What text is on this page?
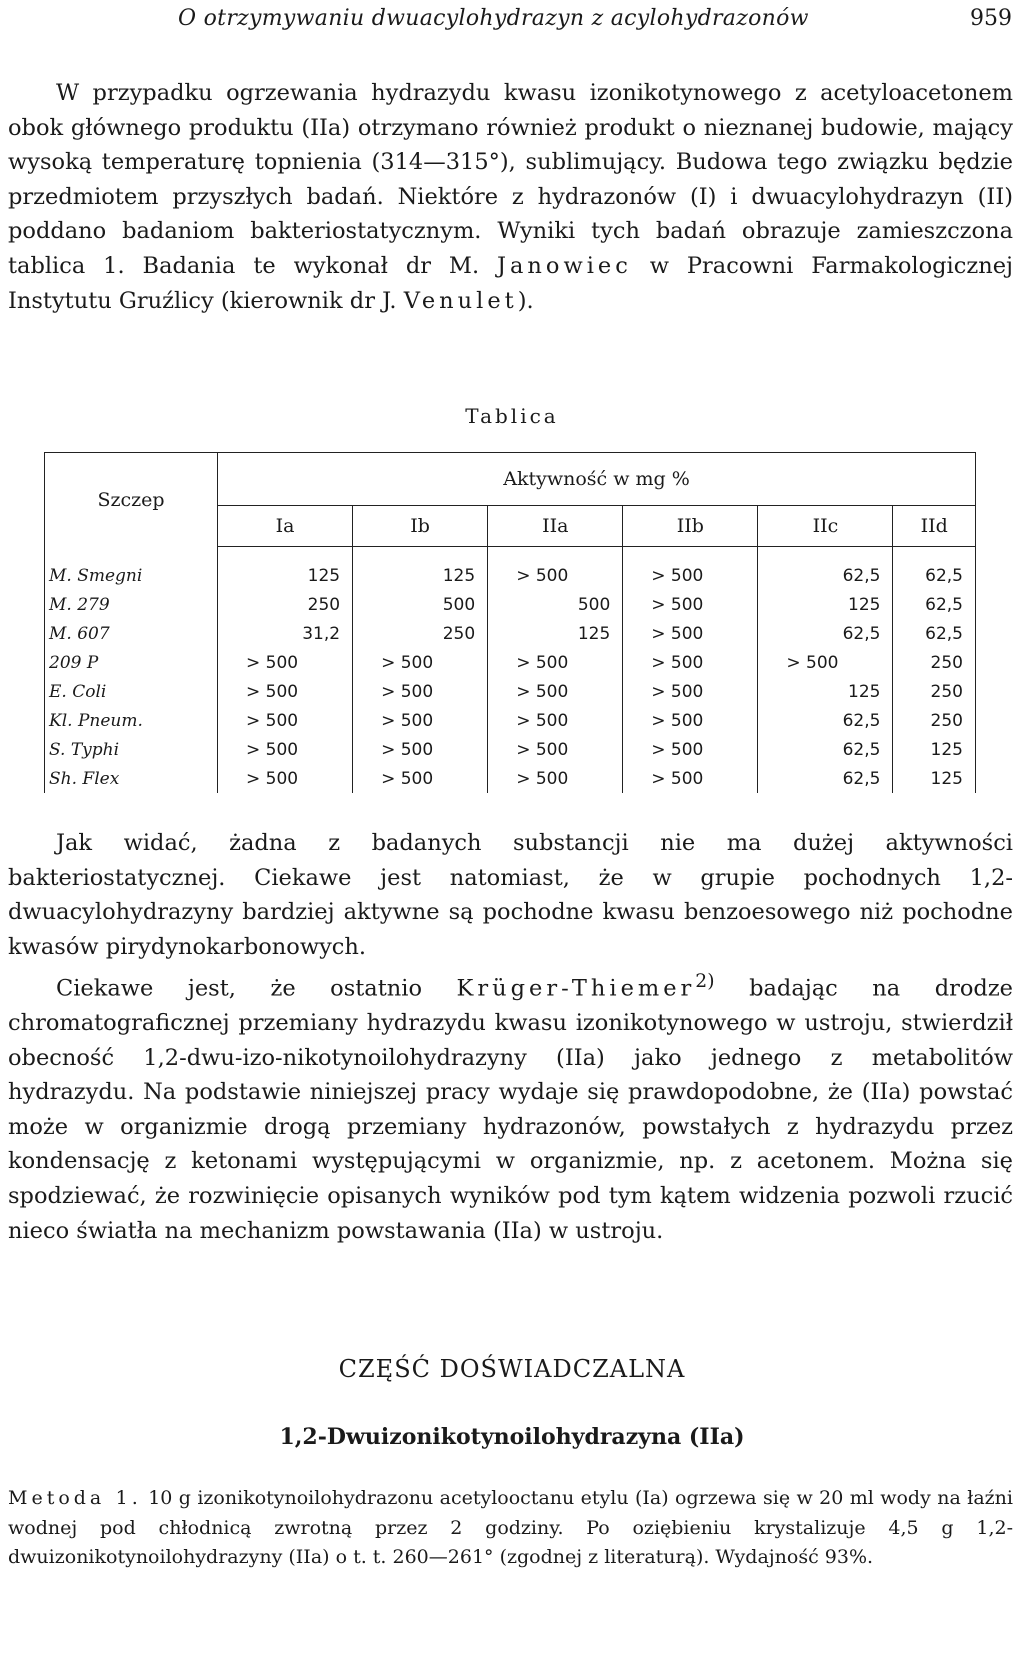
O otrzymywaniu dwuacylohydrazyn z acylohydrazonów	959

W przypadku ogrzewania hydrazydu kwasu izonikotynowego z acetyloacetonem obok głównego produktu (IIa) otrzymano również produkt o nieznanej budowie, mający wysoką temperaturę topnienia (314—315°), sublimujący. Budowa tego związku będzie przedmiotem przyszłych badań. Niektóre z hydrazonów (I) i dwuacylohydrazyn (II) poddano badaniom bakteriostatycznym. Wyniki tych badań obrazuje zamieszczona tablica 1. Badania te wykonał dr M. Janowiec w Pracowni Farmakologicznej Instytutu Gruźlicy (kierownik dr J. Venulet).

Tablica
Szczep	Aktywność w mg %					
	Ia	Ib	IIa	IIb	IIc	IId

M. Smegni	125	125	> 500	> 500	62,5	62,5
M. 279	250	500	500	> 500	125	62,5
M. 607	31,2	250	125	> 500	62,5	62,5
209 P	> 500	> 500	> 500	> 500	> 500	250
E. Coli	> 500	> 500	> 500	> 500	125	250
Kl. Pneum.	> 500	> 500	> 500	> 500	62,5	250
S. Typhi	> 500	> 500	> 500	> 500	62,5	125
Sh. Flex	> 500	> 500	> 500	> 500	62,5	125

Jak widać, żadna z badanych substancji nie ma dużej aktywności bakteriostatycznej. Ciekawe jest natomiast, że w grupie pochodnych 1,2-dwuacylohydrazyny bardziej aktywne są pochodne kwasu benzoesowego niż pochodne kwasów pirydynokarbonowych.

Ciekawe jest, że ostatnio Krüger-Thiemer$^{2)}$ badając na drodze chromatograficznej przemiany hydrazydu kwasu izonikotynowego w ustroju, stwierdził obecność 1,2-dwu-izo-nikotynoilohydrazyny (IIa) jako jednego z metabolitów hydrazydu. Na podstawie niniejszej pracy wydaje się prawdopodobne, że (IIa) powstać może w organizmie drogą przemiany hydrazonów, powstałych z hydrazydu przez kondensację z ketonami występującymi w organizmie, np. z acetonem. Można się spodziewać, że rozwinięcie opisanych wyników pod tym kątem widzenia pozwoli rzucić nieco światła na mechanizm powstawania (IIa) w ustroju.

CZĘŚĆ DOŚWIADCZALNA
1,2-Dwuizonikotynoilohydrazyna (IIa)

Metoda 1. 10 g izonikotynoilohydrazonu acetylooctanu etylu (Ia) ogrzewa się w 20 ml wody na łaźni wodnej pod chłodnicą zwrotną przez 2 godziny. Po oziębieniu krystalizuje 4,5 g 1,2-dwuizonikotynoilohydrazyny (IIa) o t. t. 260—261° (zgodnej z literaturą). Wydajność 93%.
